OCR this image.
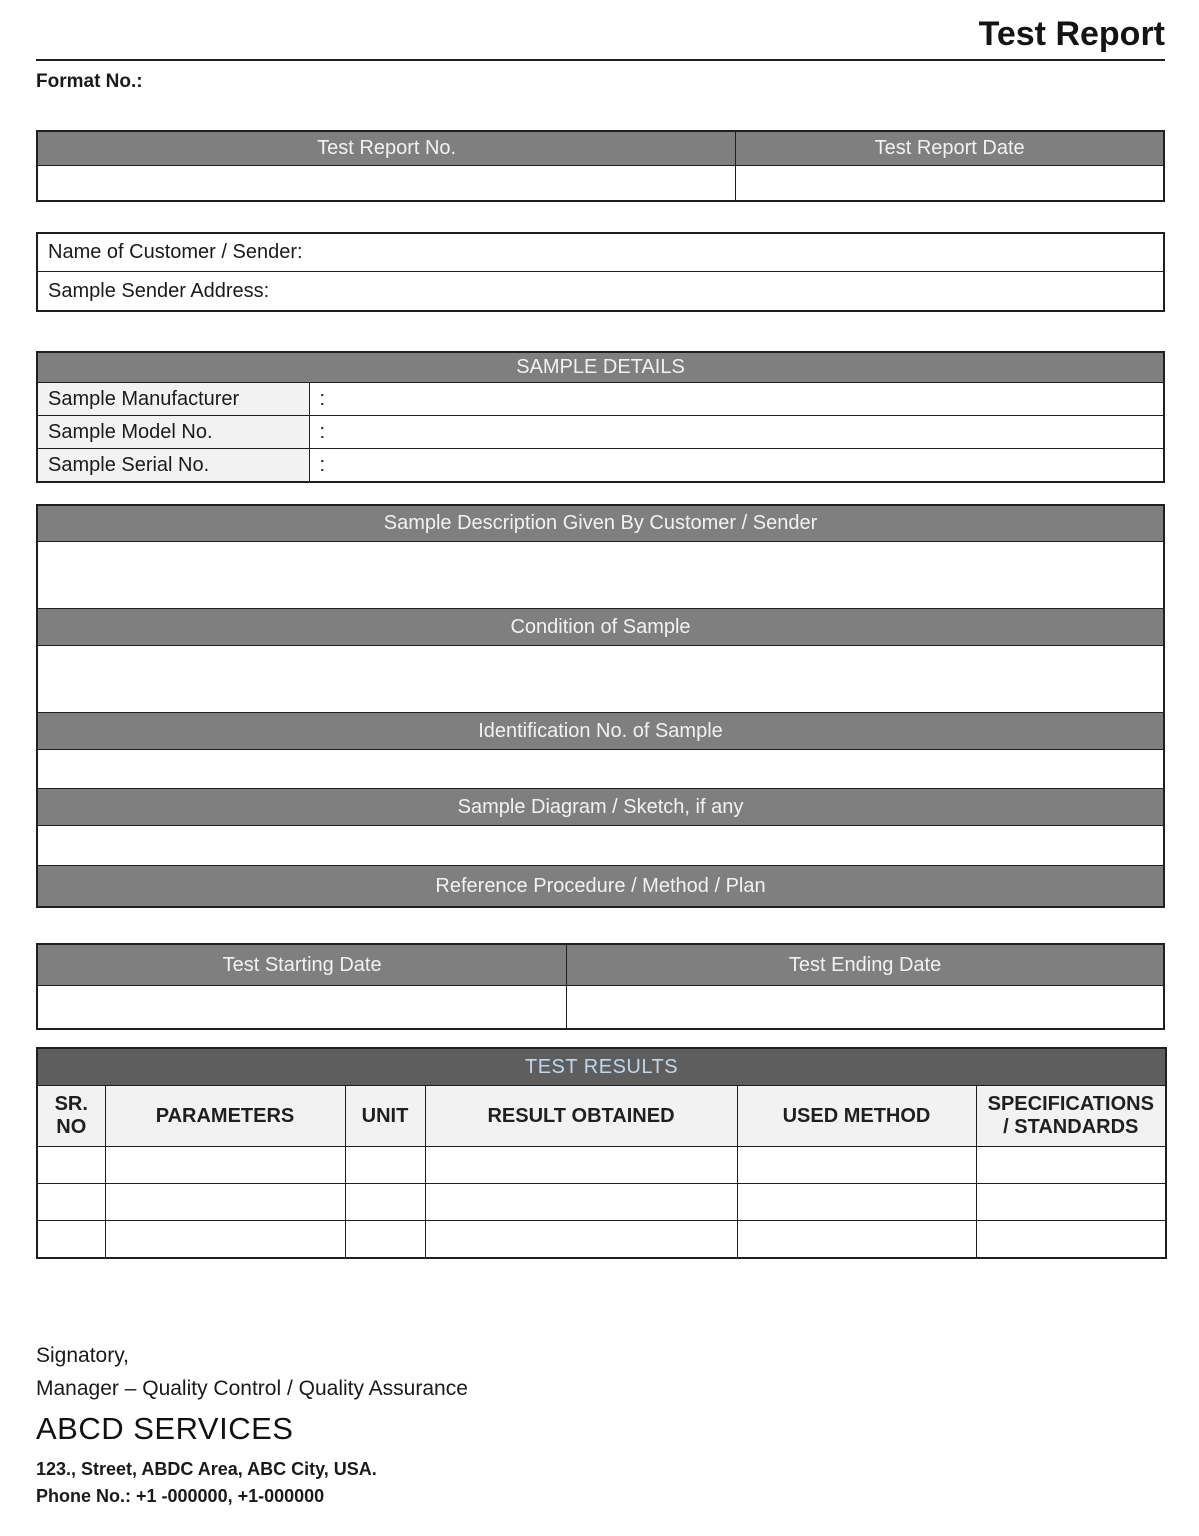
Test Report
Format No.:
Test Report No.	Test Report Date

Name of Customer / Sender:
Sample Sender Address:
SAMPLE DETAILS	
Sample Manufacturer	:
Sample Model No.	:
Sample Serial No.	:
Sample Description Given By Customer / Sender

Condition of Sample

Identification No. of Sample

Sample Diagram / Sketch, if any

Reference Procedure / Method / Plan
Test Starting Date	Test Ending Date

TEST RESULTS					
SR. NO	PARAMETERS	UNIT	RESULT OBTAINED	USED METHOD	SPECIFICATIONS / STANDARDS

Signatory,
Manager – Quality Control / Quality Assurance
ABCD SERVICES
123., Street, ABDC Area, ABC City, USA.
Phone No.: +1 -000000, +1-000000
